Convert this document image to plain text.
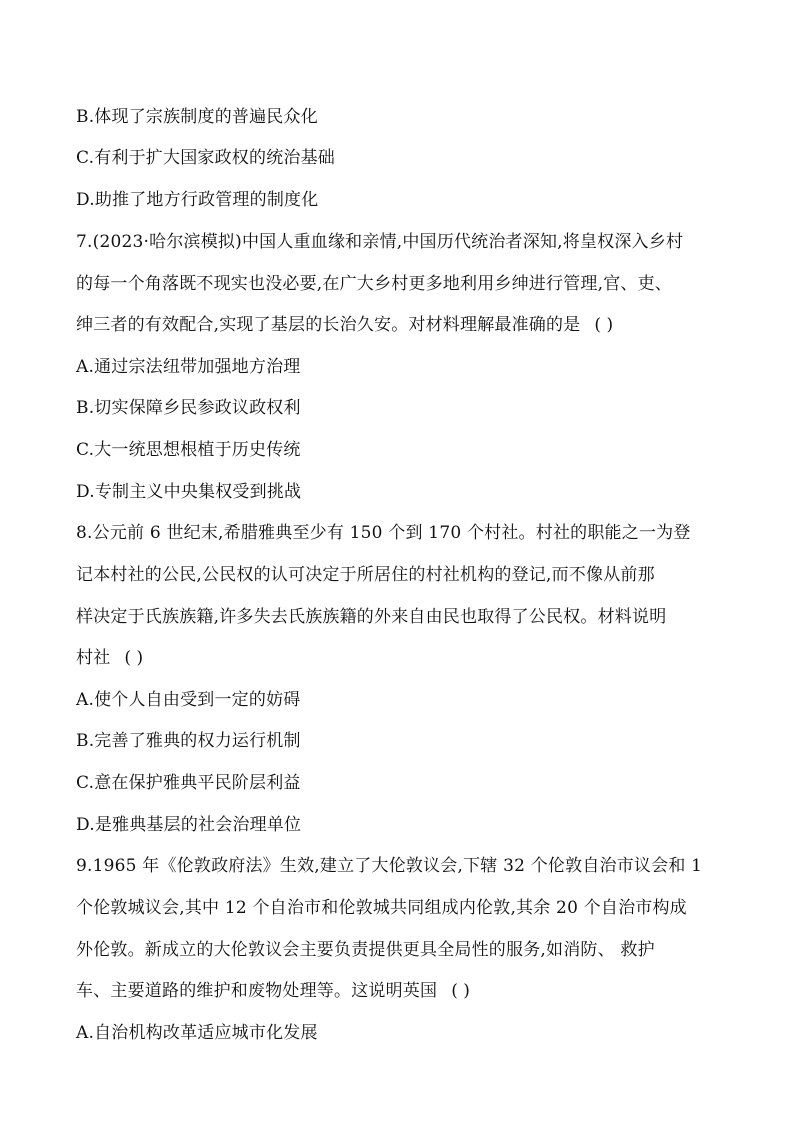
B.体现了宗族制度的普遍民众化
C.有利于扩大国家政权的统治基础
D.助推了地方行政管理的制度化
7.(2023·哈尔滨模拟)中国人重血缘和亲情,中国历代统治者深知,将皇权深入乡村
的每一个角落既不现实也没必要,在广大乡村更多地利用乡绅进行管理,官、吏、
绅三者的有效配合,实现了基层的长治久安。对材料理解最准确的是 ( )
A.通过宗法纽带加强地方治理
B.切实保障乡民参政议政权利
C.大一统思想根植于历史传统
D.专制主义中央集权受到挑战
8.公元前 6 世纪末,希腊雅典至少有 150 个到 170 个村社。村社的职能之一为登
记本村社的公民,公民权的认可决定于所居住的村社机构的登记,而不像从前那
样决定于氏族族籍,许多失去氏族族籍的外来自由民也取得了公民权。材料说明
村社 ( )
A.使个人自由受到一定的妨碍
B.完善了雅典的权力运行机制
C.意在保护雅典平民阶层利益
D.是雅典基层的社会治理单位
9.1965 年《伦敦政府法》生效,建立了大伦敦议会,下辖 32 个伦敦自治市议会和 1
个伦敦城议会,其中 12 个自治市和伦敦城共同组成内伦敦,其余 20 个自治市构成
外伦敦。新成立的大伦敦议会主要负责提供更具全局性的服务,如消防、 救护
车、主要道路的维护和废物处理等。这说明英国 ( )
A.自治机构改革适应城市化发展
